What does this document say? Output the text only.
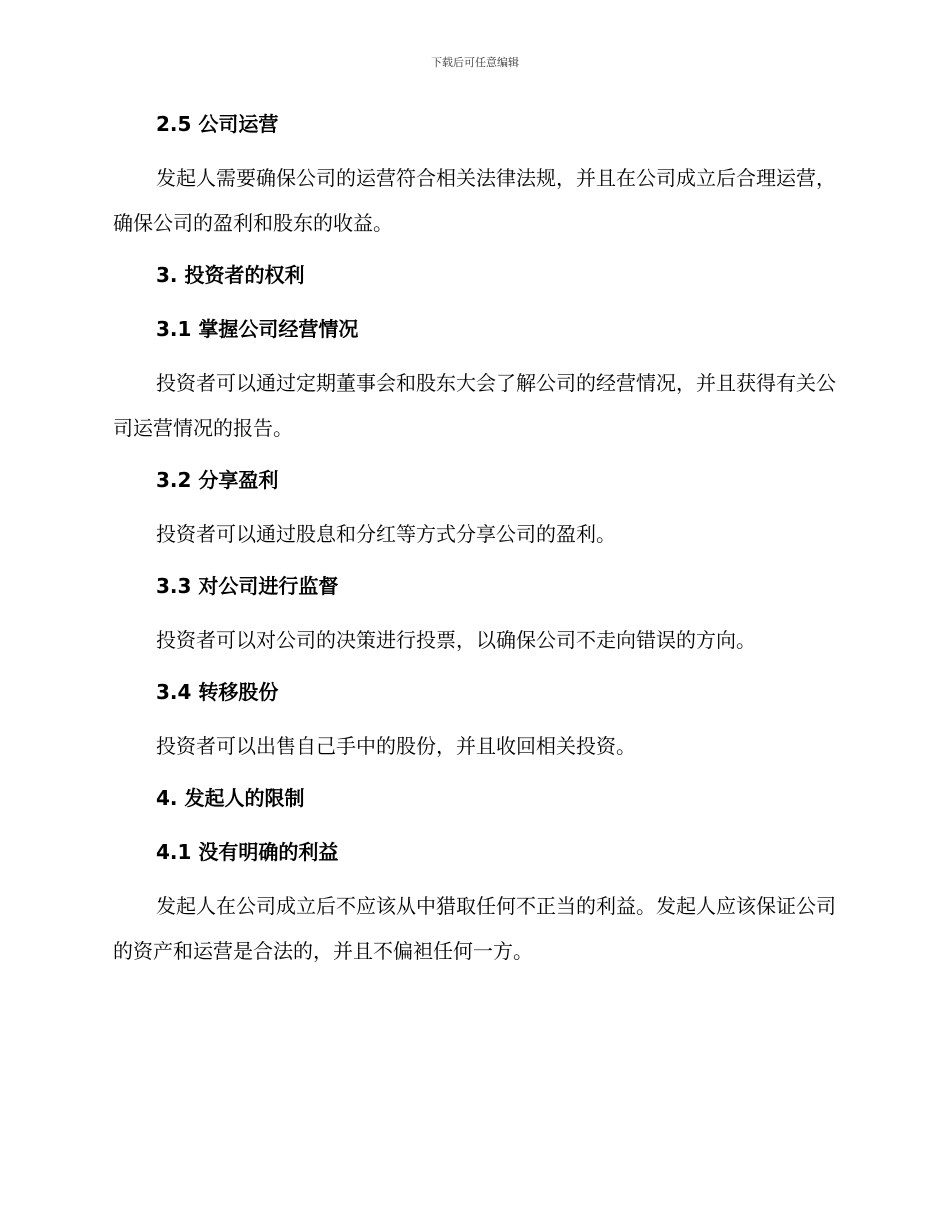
下载后可任意编辑
2.5 公司运营

发起人需要确保公司的运营符合相关法律法规，并且在公司成立后合理运营，确保公司的盈利和股东的收益。

3. 投资者的权利
3.1 掌握公司经营情况

投资者可以通过定期董事会和股东大会了解公司的经营情况，并且获得有关公司运营情况的报告。

3.2 分享盈利

投资者可以通过股息和分红等方式分享公司的盈利。

3.3 对公司进行监督

投资者可以对公司的决策进行投票，以确保公司不走向错误的方向。

3.4 转移股份

投资者可以出售自己手中的股份，并且收回相关投资。

4. 发起人的限制
4.1 没有明确的利益

发起人在公司成立后不应该从中猎取任何不正当的利益。发起人应该保证公司的资产和运营是合法的，并且不偏袒任何一方。
